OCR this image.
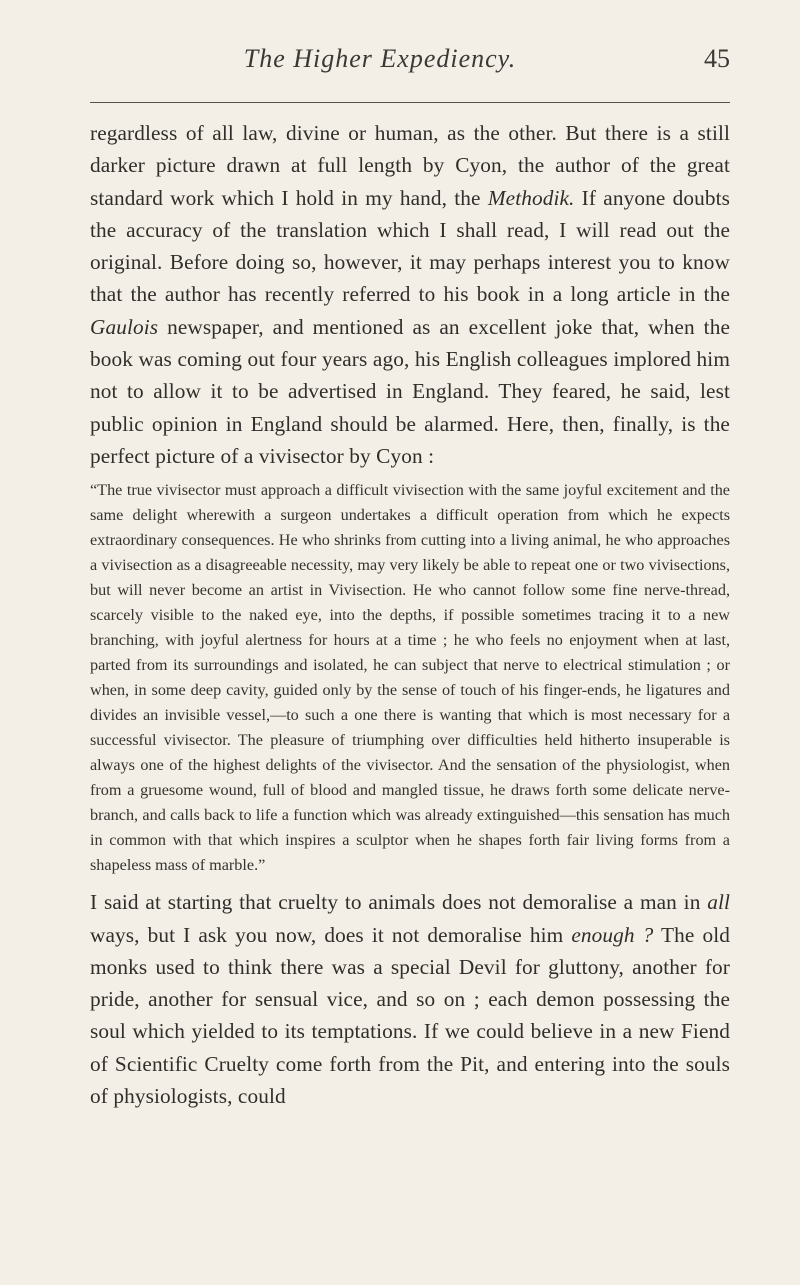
The Higher Expediency.	45

regardless of all law, divine or human, as the other. But there is a still darker picture drawn at full length by Cyon, the author of the great standard work which I hold in my hand, the Methodik. If anyone doubts the accuracy of the translation which I shall read, I will read out the original. Before doing so, however, it may perhaps interest you to know that the author has recently referred to his book in a long article in the Gaulois newspaper, and mentioned as an excellent joke that, when the book was coming out four years ago, his English colleagues implored him not to allow it to be advertised in England. They feared, he said, lest public opinion in England should be alarmed. Here, then, finally, is the perfect picture of a vivisector by Cyon :

“The true vivisector must approach a difficult vivisection with the same joyful excitement and the same delight wherewith a surgeon undertakes a difficult operation from which he expects extraordinary consequences. He who shrinks from cutting into a living animal, he who approaches a vivisection as a disagreeable necessity, may very likely be able to repeat one or two vivisections, but will never become an artist in Vivisection. He who cannot follow some fine nerve-thread, scarcely visible to the naked eye, into the depths, if possible sometimes tracing it to a new branching, with joyful alertness for hours at a time ; he who feels no enjoyment when at last, parted from its surroundings and isolated, he can subject that nerve to electrical stimulation ; or when, in some deep cavity, guided only by the sense of touch of his finger-ends, he ligatures and divides an invisible vessel,—to such a one there is wanting that which is most necessary for a successful vivisector. The pleasure of triumphing over difficulties held hitherto insuperable is always one of the highest delights of the vivisector. And the sensation of the physiologist, when from a gruesome wound, full of blood and mangled tissue, he draws forth some delicate nerve-branch, and calls back to life a function which was already extinguished—this sensation has much in common with that which inspires a sculptor when he shapes forth fair living forms from a shapeless mass of marble.”

I said at starting that cruelty to animals does not demoralise a man in all ways, but I ask you now, does it not demoralise him enough ? The old monks used to think there was a special Devil for gluttony, another for pride, another for sensual vice, and so on ; each demon possessing the soul which yielded to its temptations. If we could believe in a new Fiend of Scientific Cruelty come forth from the Pit, and entering into the souls of physiologists, could
